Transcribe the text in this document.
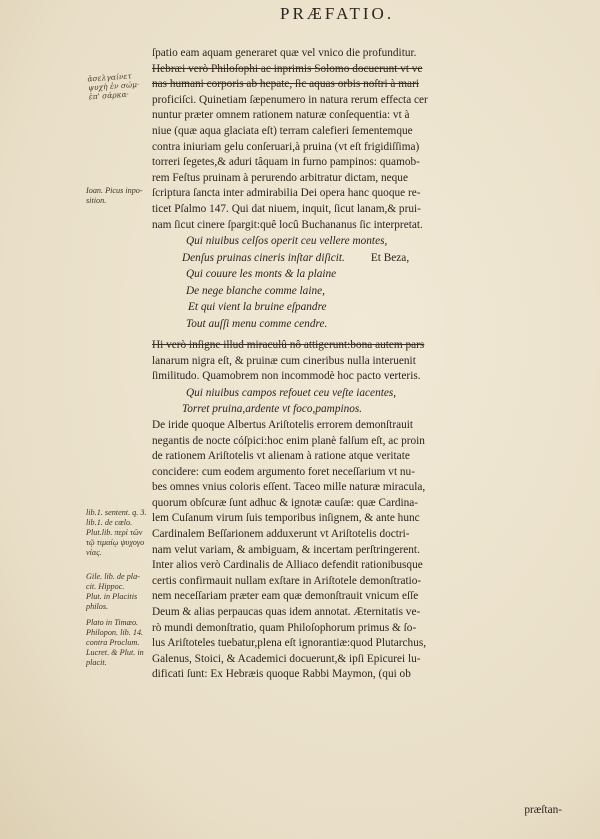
PRÆFATIO.
ἀσελγαίνετ
ψυχὴ ἐν σώμ·
ἐπ' σάρκα·
Ioan. Picus inpo-
sition.
lib.1. sentent. q. 3.
lib.1. de cœlo.
Plut.lib. περὶ τῶν
τῷ τιμαίῳ ψυχογο
νίας.
Gile. lib. de pla-
cit. Hippoc.
Plut. in Placitis
philos.
Plato in Timæo.
Philopon. lib. 14.
contra Proclum.
Lucret. & Plut. in
placit.
ſpatio eam aquam generaret quæ vel vnico die profunditur.
Hebræi verò Philoſophi ac inprimis Solomo docuerunt vt ve
nas humani corporis ab hepate, ſic aquas orbis noſtri à mari
proficiſci. Quinetiam ſæpenumero in natura rerum effecta cer
nuntur præter omnem rationem naturæ conſequentia: vt à
niue (quæ aqua glaciata eſt) terram calefieri ſementemque
contra iniuriam gelu conſeruari,à pruina (vt eſt frigidiſſima)
torreri ſegetes,& aduri tâquam in furno pampinos: quamob-
rem Feſtus pruinam à perurendo arbitratur dictam, neque
ſcriptura ſancta inter admirabilia Dei opera hanc quoque re-
ticet Pſalmo 147. Qui dat niuem, inquit, ſicut lanam,& prui-
nam ſicut cinere ſpargit:quê locû Buchananus ſic interpretat.
Qui niuibus celſos operit ceu vellere montes,
Denſus pruinas cineris inſtar diſicit. Et Beza,
Qui couure les monts & la plaine
De nege blanche comme laine,
Et qui vient la bruine eſpandre
Tout auſſi menu comme cendre.
Hi verò inſigne illud miraculû nô attigerunt:bona autem pars
lanarum nigra eſt, & pruinæ cum cineribus nulla interuenit
ſimilitudo. Quamobrem non incommodè hoc pacto verteris.
Qui niuibus campos refouet ceu veſte iacentes,
Torret pruina,ardente vt foco,pampinos.
De iride quoque Albertus Ariſtotelis errorem demonſtrauit
negantis de nocte cóſpici:hoc enim planè falſum eſt, ac proin
de rationem Ariſtotelis vt alienam à ratione atque veritate
concidere: cum eodem argumento foret neceſſarium vt nu-
bes omnes vnius coloris eſſent. Taceo mille naturæ miracula,
quorum obſcuræ ſunt adhuc & ignotæ cauſæ: quæ Cardina-
lem Cuſanum virum ſuis temporibus inſignem, & ante hunc
Cardinalem Beſſarionem adduxerunt vt Ariſtotelis doctri-
nam velut variam, & ambiguam, & incertam perſtringerent.
Inter alios verò Cardinalis de Alliaco defendit rationibusque
certis confirmauit nullam exſtare in Ariſtotele demonſtratio-
nem neceſſariam præter eam quæ demonſtrauit vnicum eſſe
Deum & alias perpaucas quas idem annotat. Æternitatis ve-
rò mundi demonſtratio, quam Philoſophorum primus & ſo-
lus Ariſtoteles tuebatur,plena eſt ignorantiæ:quod Plutarchus,
Galenus, Stoici, & Academici docuerunt,& ipſi Epicurei lu-
dificati ſunt: Ex Hebræis quoque Rabbi Maymon, (qui ob
præſtan-
